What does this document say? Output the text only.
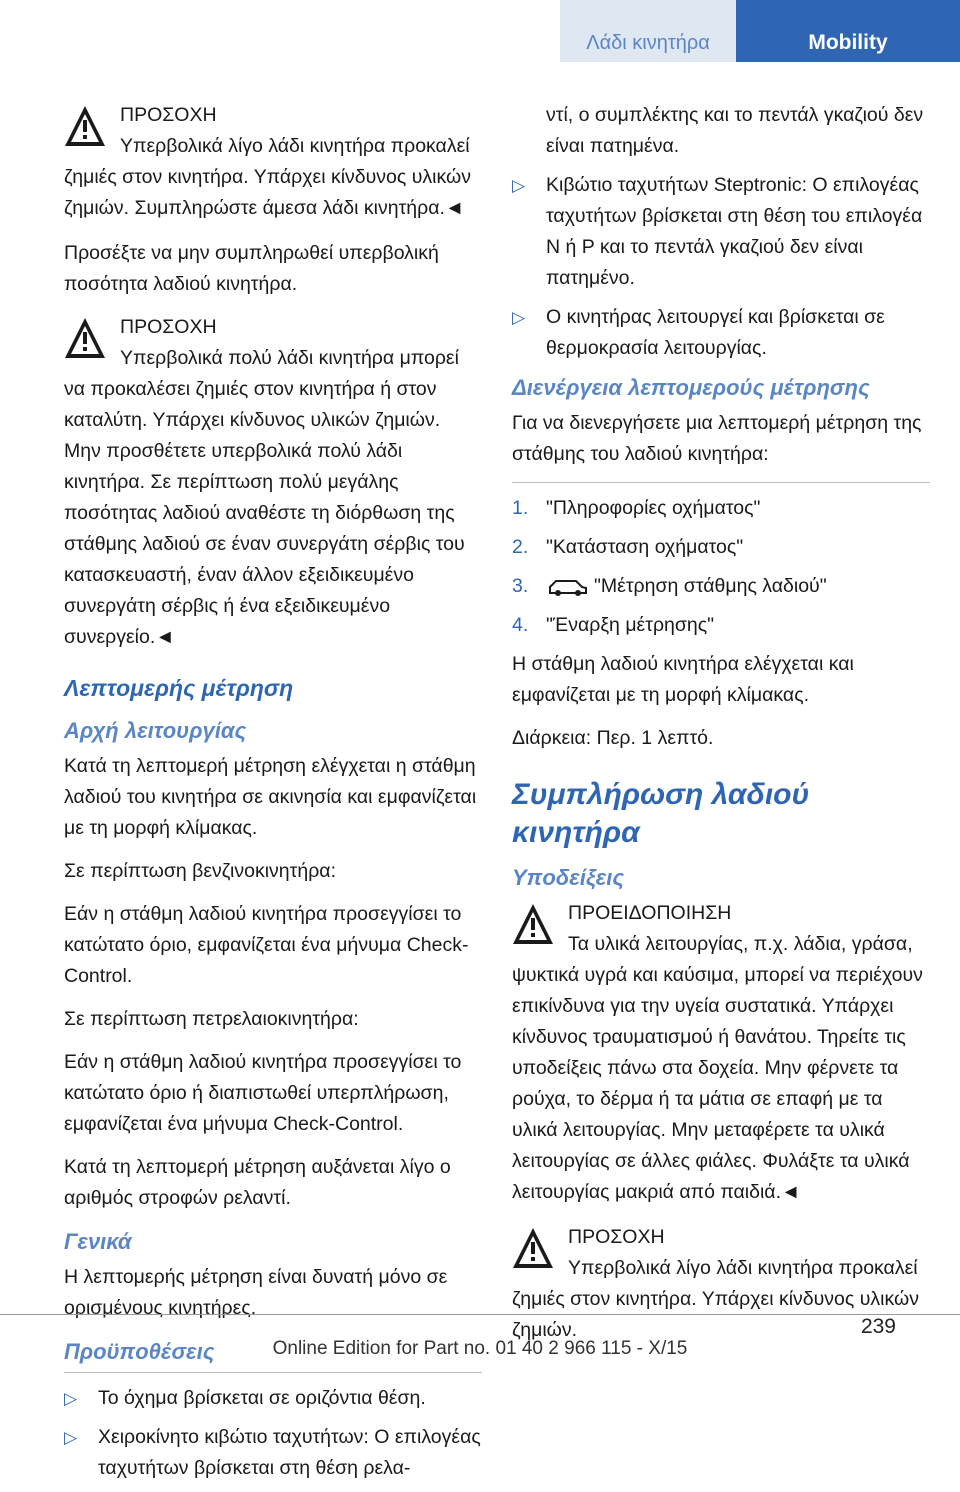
Λάδι κινητήρα	Mobility
ΠΡΟΣΟΧΗ
Υπερβολικά λίγο λάδι κινητήρα προκαλεί ζημιές στον κινητήρα. Υπάρχει κίνδυνος υλικών ζημιών. Συμπληρώστε άμεσα λάδι κινητήρα.◄

Προσέξτε να μην συμπληρωθεί υπερβολική ποσότητα λαδιού κινητήρα.

ΠΡΟΣΟΧΗ
Υπερβολικά πολύ λάδι κινητήρα μπορεί να προκαλέσει ζημιές στον κινητήρα ή στον καταλύτη. Υπάρχει κίνδυνος υλικών ζημιών. Μην προσθέτετε υπερβολικά πολύ λάδι κινητήρα. Σε περίπτωση πολύ μεγάλης ποσότητας λαδιού αναθέστε τη διόρθωση της στάθμης λαδιού σε έναν συνεργάτη σέρβις του κατασκευαστή, έναν άλλον εξειδικευμένο συνεργάτη σέρβις ή ένα εξειδικευμένο συνεργείο.◄
Λεπτομερής μέτρηση
Αρχή λειτουργίας

Κατά τη λεπτομερή μέτρηση ελέγχεται η στάθμη λαδιού του κινητήρα σε ακινησία και εμφανίζεται με τη μορφή κλίμακας.

Σε περίπτωση βενζινοκινητήρα:

Εάν η στάθμη λαδιού κινητήρα προσεγγίσει το κατώτατο όριο, εμφανίζεται ένα μήνυμα Check-Control.

Σε περίπτωση πετρελαιοκινητήρα:

Εάν η στάθμη λαδιού κινητήρα προσεγγίσει το κατώτατο όριο ή διαπιστωθεί υπερπλήρωση, εμφανίζεται ένα μήνυμα Check-Control.

Κατά τη λεπτομερή μέτρηση αυξάνεται λίγο ο αριθμός στροφών ρελαντί.

Γενικά

Η λεπτομερής μέτρηση είναι δυνατή μόνο σε ορισμένους κινητήρες.

Προϋποθέσεις
▷ Το όχημα βρίσκεται σε οριζόντια θέση.
▷ Χειροκίνητο κιβώτιο ταχυτήτων: Ο επιλογέας ταχυτήτων βρίσκεται στη θέση ρελα-
ντί, ο συμπλέκτης και το πεντάλ γκαζιού δεν είναι πατημένα.
▷ Κιβώτιο ταχυτήτων Steptronic: Ο επιλογέας ταχυτήτων βρίσκεται στη θέση του επιλογέα N ή P και το πεντάλ γκαζιού δεν είναι πατημένο.
▷ Ο κινητήρας λειτουργεί και βρίσκεται σε θερμοκρασία λειτουργίας.
Διενέργεια λεπτομερούς μέτρησης

Για να διενεργήσετε μια λεπτομερή μέτρηση της στάθμης του λαδιού κινητήρα:

1. "Πληροφορίες οχήματος"
2. "Κατάσταση οχήματος"
3.	"Μέτρηση στάθμης λαδιού"
4. "Έναρξη μέτρησης"

Η στάθμη λαδιού κινητήρα ελέγχεται και εμφανίζεται με τη μορφή κλίμακας.

Διάρκεια: Περ. 1 λεπτό.

Συμπλήρωση λαδιού κινητήρα
Υποδείξεις
ΠΡΟΕΙΔΟΠΟΙΗΣΗ
Τα υλικά λειτουργίας, π.χ. λάδια, γράσα, ψυκτικά υγρά και καύσιμα, μπορεί να περιέχουν επικίνδυνα για την υγεία συστατικά. Υπάρχει κίνδυνος τραυματισμού ή θανάτου. Τηρείτε τις υποδείξεις πάνω στα δοχεία. Μην φέρνετε τα ρούχα, το δέρμα ή τα μάτια σε επαφή με τα υλικά λειτουργίας. Μην μεταφέρετε τα υλικά λειτουργίας σε άλλες φιάλες. Φυλάξτε τα υλικά λειτουργίας μακριά από παιδιά.◄
ΠΡΟΣΟΧΗ
Υπερβολικά λίγο λάδι κινητήρα προκαλεί ζημιές στον κινητήρα. Υπάρχει κίνδυνος υλικών ζημιών.	239
Online Edition for Part no. 01 40 2 966 115 - X/15
